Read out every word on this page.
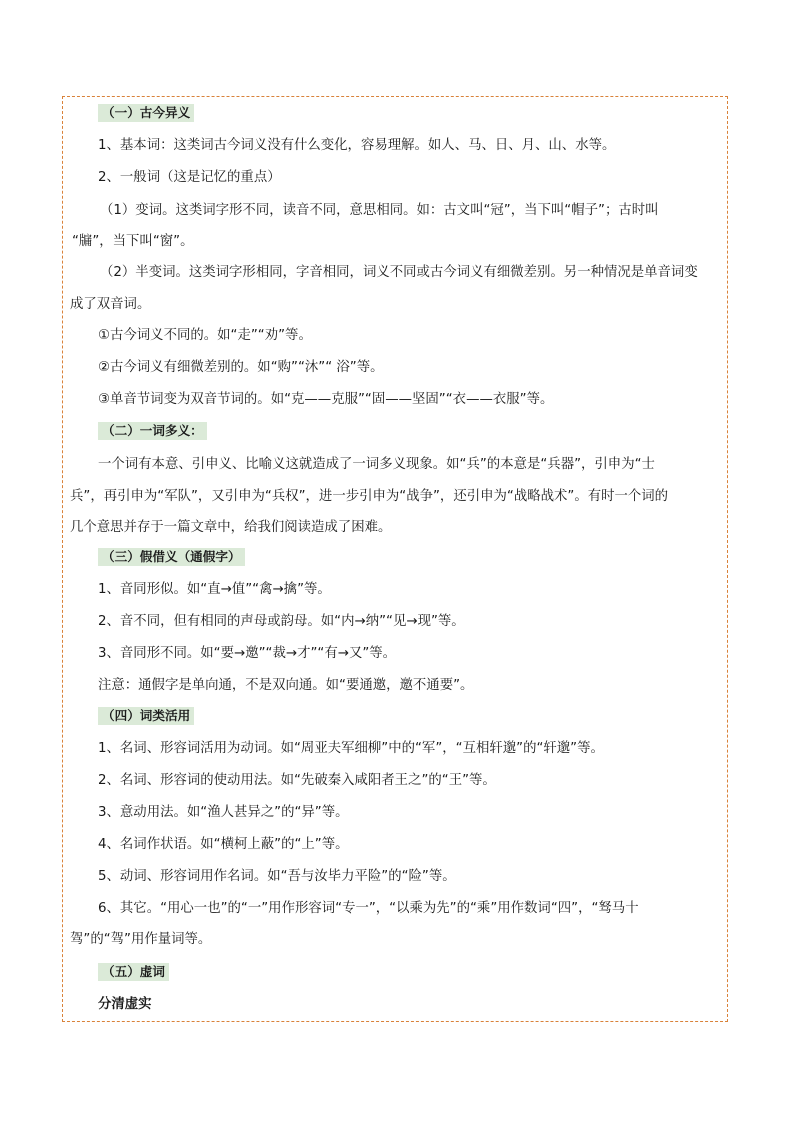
（一）古今异义
1、基本词：这类词古今词义没有什么变化，容易理解。如人、马、日、月、山、水等。
2、一般词（这是记忆的重点）
（1）变词。这类词字形不同，读音不同，意思相同。如：古文叫“冠”，当下叫“帽子”；古时叫
“牖”，当下叫“窗”。
（2）半变词。这类词字形相同，字音相同，词义不同或古今词义有细微差别。另一种情况是单音词变
成了双音词。
①古今词义不同的。如“走”“劝”等。
②古今词义有细微差别的。如“购”“沐”“ 浴”等。
③单音节词变为双音节词的。如“克——克服”“固——坚固”“衣——衣服”等。
（二）一词多义：
一个词有本意、引申义、比喻义这就造成了一词多义现象。如“兵”的本意是“兵器”，引申为“士
兵”，再引申为“军队”，又引申为“兵权”，进一步引申为“战争”，还引申为“战略战术”。有时一个词的
几个意思并存于一篇文章中，给我们阅读造成了困难。
（三）假借义（通假字）
1、音同形似。如“直→值”“禽→擒”等。
2、音不同，但有相同的声母或韵母。如“内→纳”“见→现”等。
3、音同形不同。如“要→邀”“裁→才”“有→又”等。
注意：通假字是单向通，不是双向通。如“要通邀，邀不通要”。
（四）词类活用
1、名词、形容词活用为动词。如“周亚夫军细柳”中的“军”，“互相轩邈”的“轩邈”等。
2、名词、形容词的使动用法。如“先破秦入咸阳者王之”的“王”等。
3、意动用法。如“渔人甚异之”的“异”等。
4、名词作状语。如“横柯上蔽”的“上”等。
5、动词、形容词用作名词。如“吾与汝毕力平险”的“险”等。
6、其它。“用心一也”的“一”用作形容词“专一”，“以乘为先”的“乘”用作数词“四”，“驽马十
驾”的“驾”用作量词等。
（五）虚词
分清虚实
